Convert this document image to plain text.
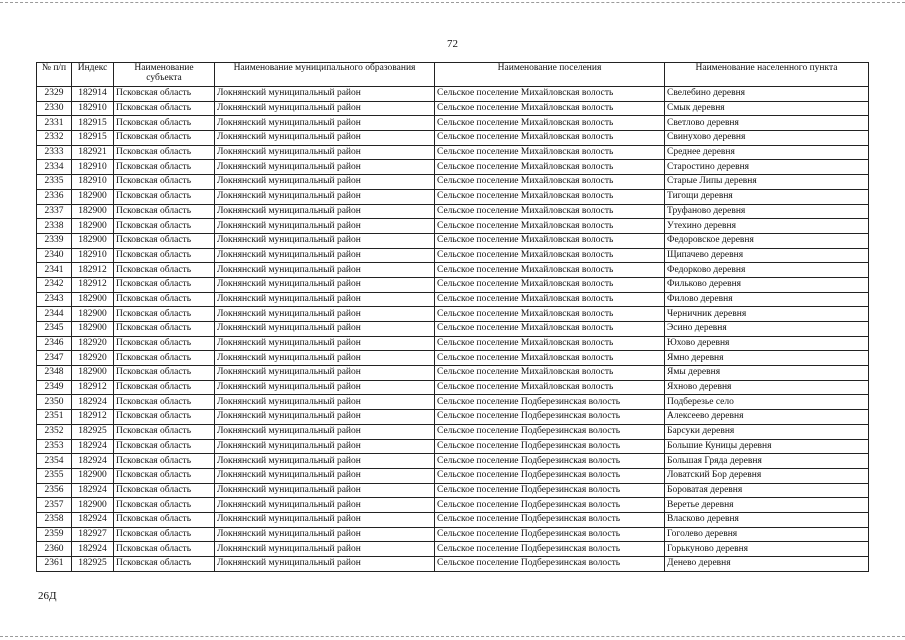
72
№ п/п	Индекс	Наименование субъекта	Наименование муниципального образования	Наименование поселения	Наименование населенного пункта
2329	182914	Псковская область	Локнянский муниципальный район	Сельское поселение Михайловская волость	Свелебино деревня
2330	182910	Псковская область	Локнянский муниципальный район	Сельское поселение Михайловская волость	Смык деревня
2331	182915	Псковская область	Локнянский муниципальный район	Сельское поселение Михайловская волость	Светлово деревня
2332	182915	Псковская область	Локнянский муниципальный район	Сельское поселение Михайловская волость	Свинухово деревня
2333	182921	Псковская область	Локнянский муниципальный район	Сельское поселение Михайловская волость	Среднее деревня
2334	182910	Псковская область	Локнянский муниципальный район	Сельское поселение Михайловская волость	Старостино деревня
2335	182910	Псковская область	Локнянский муниципальный район	Сельское поселение Михайловская волость	Старые Липы деревня
2336	182900	Псковская область	Локнянский муниципальный район	Сельское поселение Михайловская волость	Тигощи деревня
2337	182900	Псковская область	Локнянский муниципальный район	Сельское поселение Михайловская волость	Труфаново деревня
2338	182900	Псковская область	Локнянский муниципальный район	Сельское поселение Михайловская волость	Утехино деревня
2339	182900	Псковская область	Локнянский муниципальный район	Сельское поселение Михайловская волость	Федоровское деревня
2340	182910	Псковская область	Локнянский муниципальный район	Сельское поселение Михайловская волость	Щипачево деревня
2341	182912	Псковская область	Локнянский муниципальный район	Сельское поселение Михайловская волость	Федорково деревня
2342	182912	Псковская область	Локнянский муниципальный район	Сельское поселение Михайловская волость	Фильково деревня
2343	182900	Псковская область	Локнянский муниципальный район	Сельское поселение Михайловская волость	Филово деревня
2344	182900	Псковская область	Локнянский муниципальный район	Сельское поселение Михайловская волость	Черничник деревня
2345	182900	Псковская область	Локнянский муниципальный район	Сельское поселение Михайловская волость	Эсино деревня
2346	182920	Псковская область	Локнянский муниципальный район	Сельское поселение Михайловская волость	Юхово деревня
2347	182920	Псковская область	Локнянский муниципальный район	Сельское поселение Михайловская волость	Ямно деревня
2348	182900	Псковская область	Локнянский муниципальный район	Сельское поселение Михайловская волость	Ямы деревня
2349	182912	Псковская область	Локнянский муниципальный район	Сельское поселение Михайловская волость	Яхново деревня
2350	182924	Псковская область	Локнянский муниципальный район	Сельское поселение Подберезинская волость	Подберезье село
2351	182912	Псковская область	Локнянский муниципальный район	Сельское поселение Подберезинская волость	Алексеево деревня
2352	182925	Псковская область	Локнянский муниципальный район	Сельское поселение Подберезинская волость	Барсуки деревня
2353	182924	Псковская область	Локнянский муниципальный район	Сельское поселение Подберезинская волость	Большие Куницы деревня
2354	182924	Псковская область	Локнянский муниципальный район	Сельское поселение Подберезинская волость	Большая Гряда деревня
2355	182900	Псковская область	Локнянский муниципальный район	Сельское поселение Подберезинская волость	Ловатский Бор деревня
2356	182924	Псковская область	Локнянский муниципальный район	Сельское поселение Подберезинская волость	Бороватая деревня
2357	182900	Псковская область	Локнянский муниципальный район	Сельское поселение Подберезинская волость	Веретье деревня
2358	182924	Псковская область	Локнянский муниципальный район	Сельское поселение Подберезинская волость	Власково деревня
2359	182927	Псковская область	Локнянский муниципальный район	Сельское поселение Подберезинская волость	Гоголево деревня
2360	182924	Псковская область	Локнянский муниципальный район	Сельское поселение Подберезинская волость	Горькуново деревня
2361	182925	Псковская область	Локнянский муниципальный район	Сельское поселение Подберезинская волость	Денево деревня
26Д
